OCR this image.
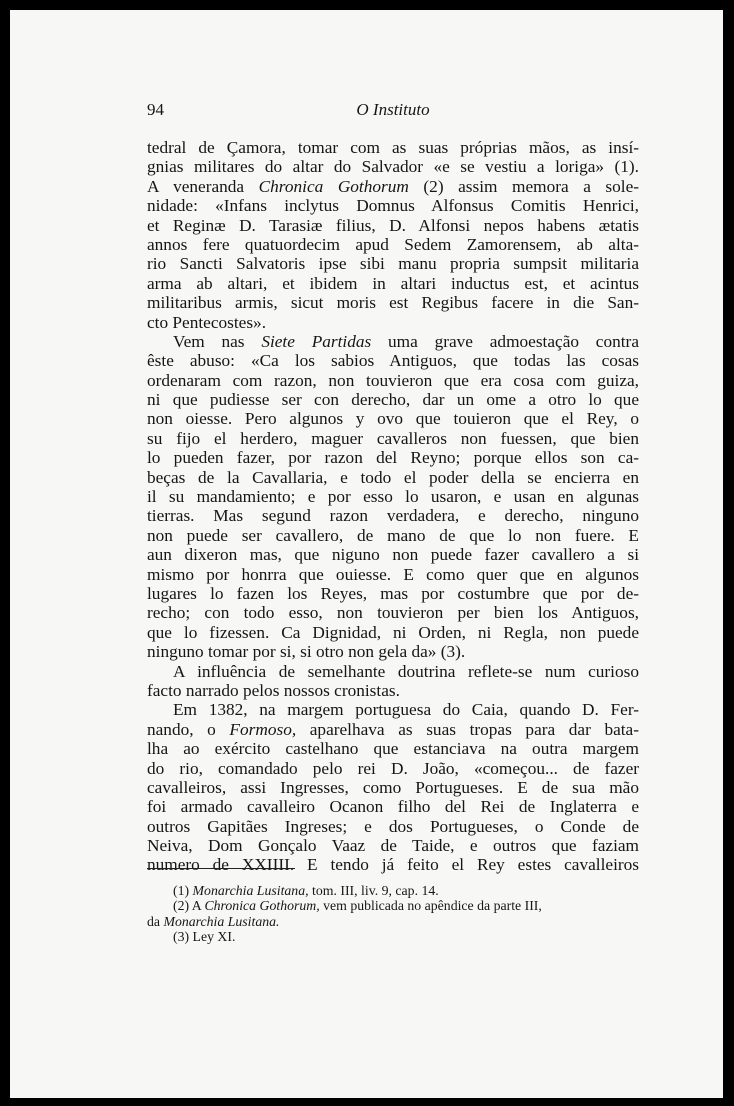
94	O Instituto
tedral de Çamora, tomar com as suas próprias mãos, as insí-
gnias militares do altar do Salvador «e se vestiu a loriga» (1).
A veneranda Chronica Gothorum (2) assim memora a sole-
nidade: «Infans inclytus Domnus Alfonsus Comitis Henrici,
et Reginæ D. Tarasiæ filius, D. Alfonsi nepos habens ætatis
annos fere quatuordecim apud Sedem Zamorensem, ab alta-
rio Sancti Salvatoris ipse sibi manu propria sumpsit militaria
arma ab altari, et ibidem in altari inductus est, et acintus
militaribus armis, sicut moris est Regibus facere in die San-
cto Pentecostes».
Vem nas Siete Partidas uma grave admoestação contra
êste abuso: «Ca los sabios Antiguos, que todas las cosas
ordenaram com razon, non touvieron que era cosa com guiza,
ni que pudiesse ser con derecho, dar un ome a otro lo que
non oiesse. Pero algunos y ovo que touieron que el Rey, o
su fijo el herdero, maguer cavalleros non fuessen, que bien
lo pueden fazer, por razon del Reyno; porque ellos son ca-
beças de la Cavallaria, e todo el poder della se encierra en
il su mandamiento; e por esso lo usaron, e usan en algunas
tierras. Mas segund razon verdadera, e derecho, ninguno
non puede ser cavallero, de mano de que lo non fuere. E
aun dixeron mas, que niguno non puede fazer cavallero a si
mismo por honrra que ouiesse. E como quer que en algunos
lugares lo fazen los Reyes, mas por costumbre que por de-
recho; con todo esso, non touvieron per bien los Antiguos,
que lo fizessen. Ca Dignidad, ni Orden, ni Regla, non puede
ninguno tomar por si, si otro non gela da» (3).
A influência de semelhante doutrina reflete-se num curioso
facto narrado pelos nossos cronistas.
Em 1382, na margem portuguesa do Caia, quando D. Fer-
nando, o Formoso, aparelhava as suas tropas para dar bata-
lha ao exército castelhano que estanciava na outra margem
do rio, comandado pelo rei D. João, «começou... de fazer
cavalleiros, assi Ingresses, como Portugueses. E de sua mão
foi armado cavalleiro Ocanon filho del Rei de Inglaterra e
outros Gapitães Ingreses; e dos Portugueses, o Conde de
Neiva, Dom Gonçalo Vaaz de Taide, e outros que faziam
numero de XXIIII. E tendo já feito el Rey estes cavalleiros
(1) Monarchia Lusitana, tom. III, liv. 9, cap. 14.
(2) A Chronica Gothorum, vem publicada no apêndice da parte III,
da Monarchia Lusitana.
(3) Ley XI.
